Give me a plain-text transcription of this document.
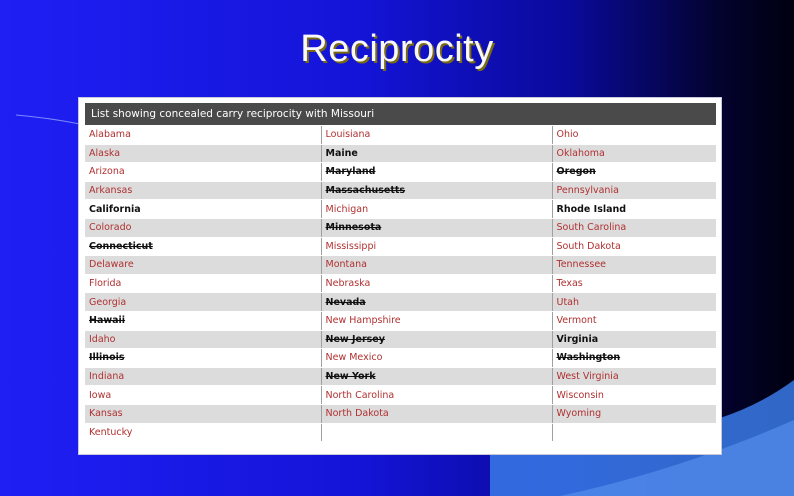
Reciprocity
List showing concealed carry reciprocity with Missouri
Alabama	Louisiana	Ohio
Alaska	Maine	Oklahoma
Arizona	Maryland	Oregon
Arkansas	Massachusetts	Pennsylvania
California	Michigan	Rhode Island
Colorado	Minnesota	South Carolina
Connecticut	Mississippi	South Dakota
Delaware	Montana	Tennessee
Florida	Nebraska	Texas
Georgia	Nevada	Utah
Hawaii	New Hampshire	Vermont
Idaho	New Jersey	Virginia
Illinois	New Mexico	Washington
Indiana	New York	West Virginia
Iowa	North Carolina	Wisconsin
Kansas	North Dakota	Wyoming
Kentucky		
